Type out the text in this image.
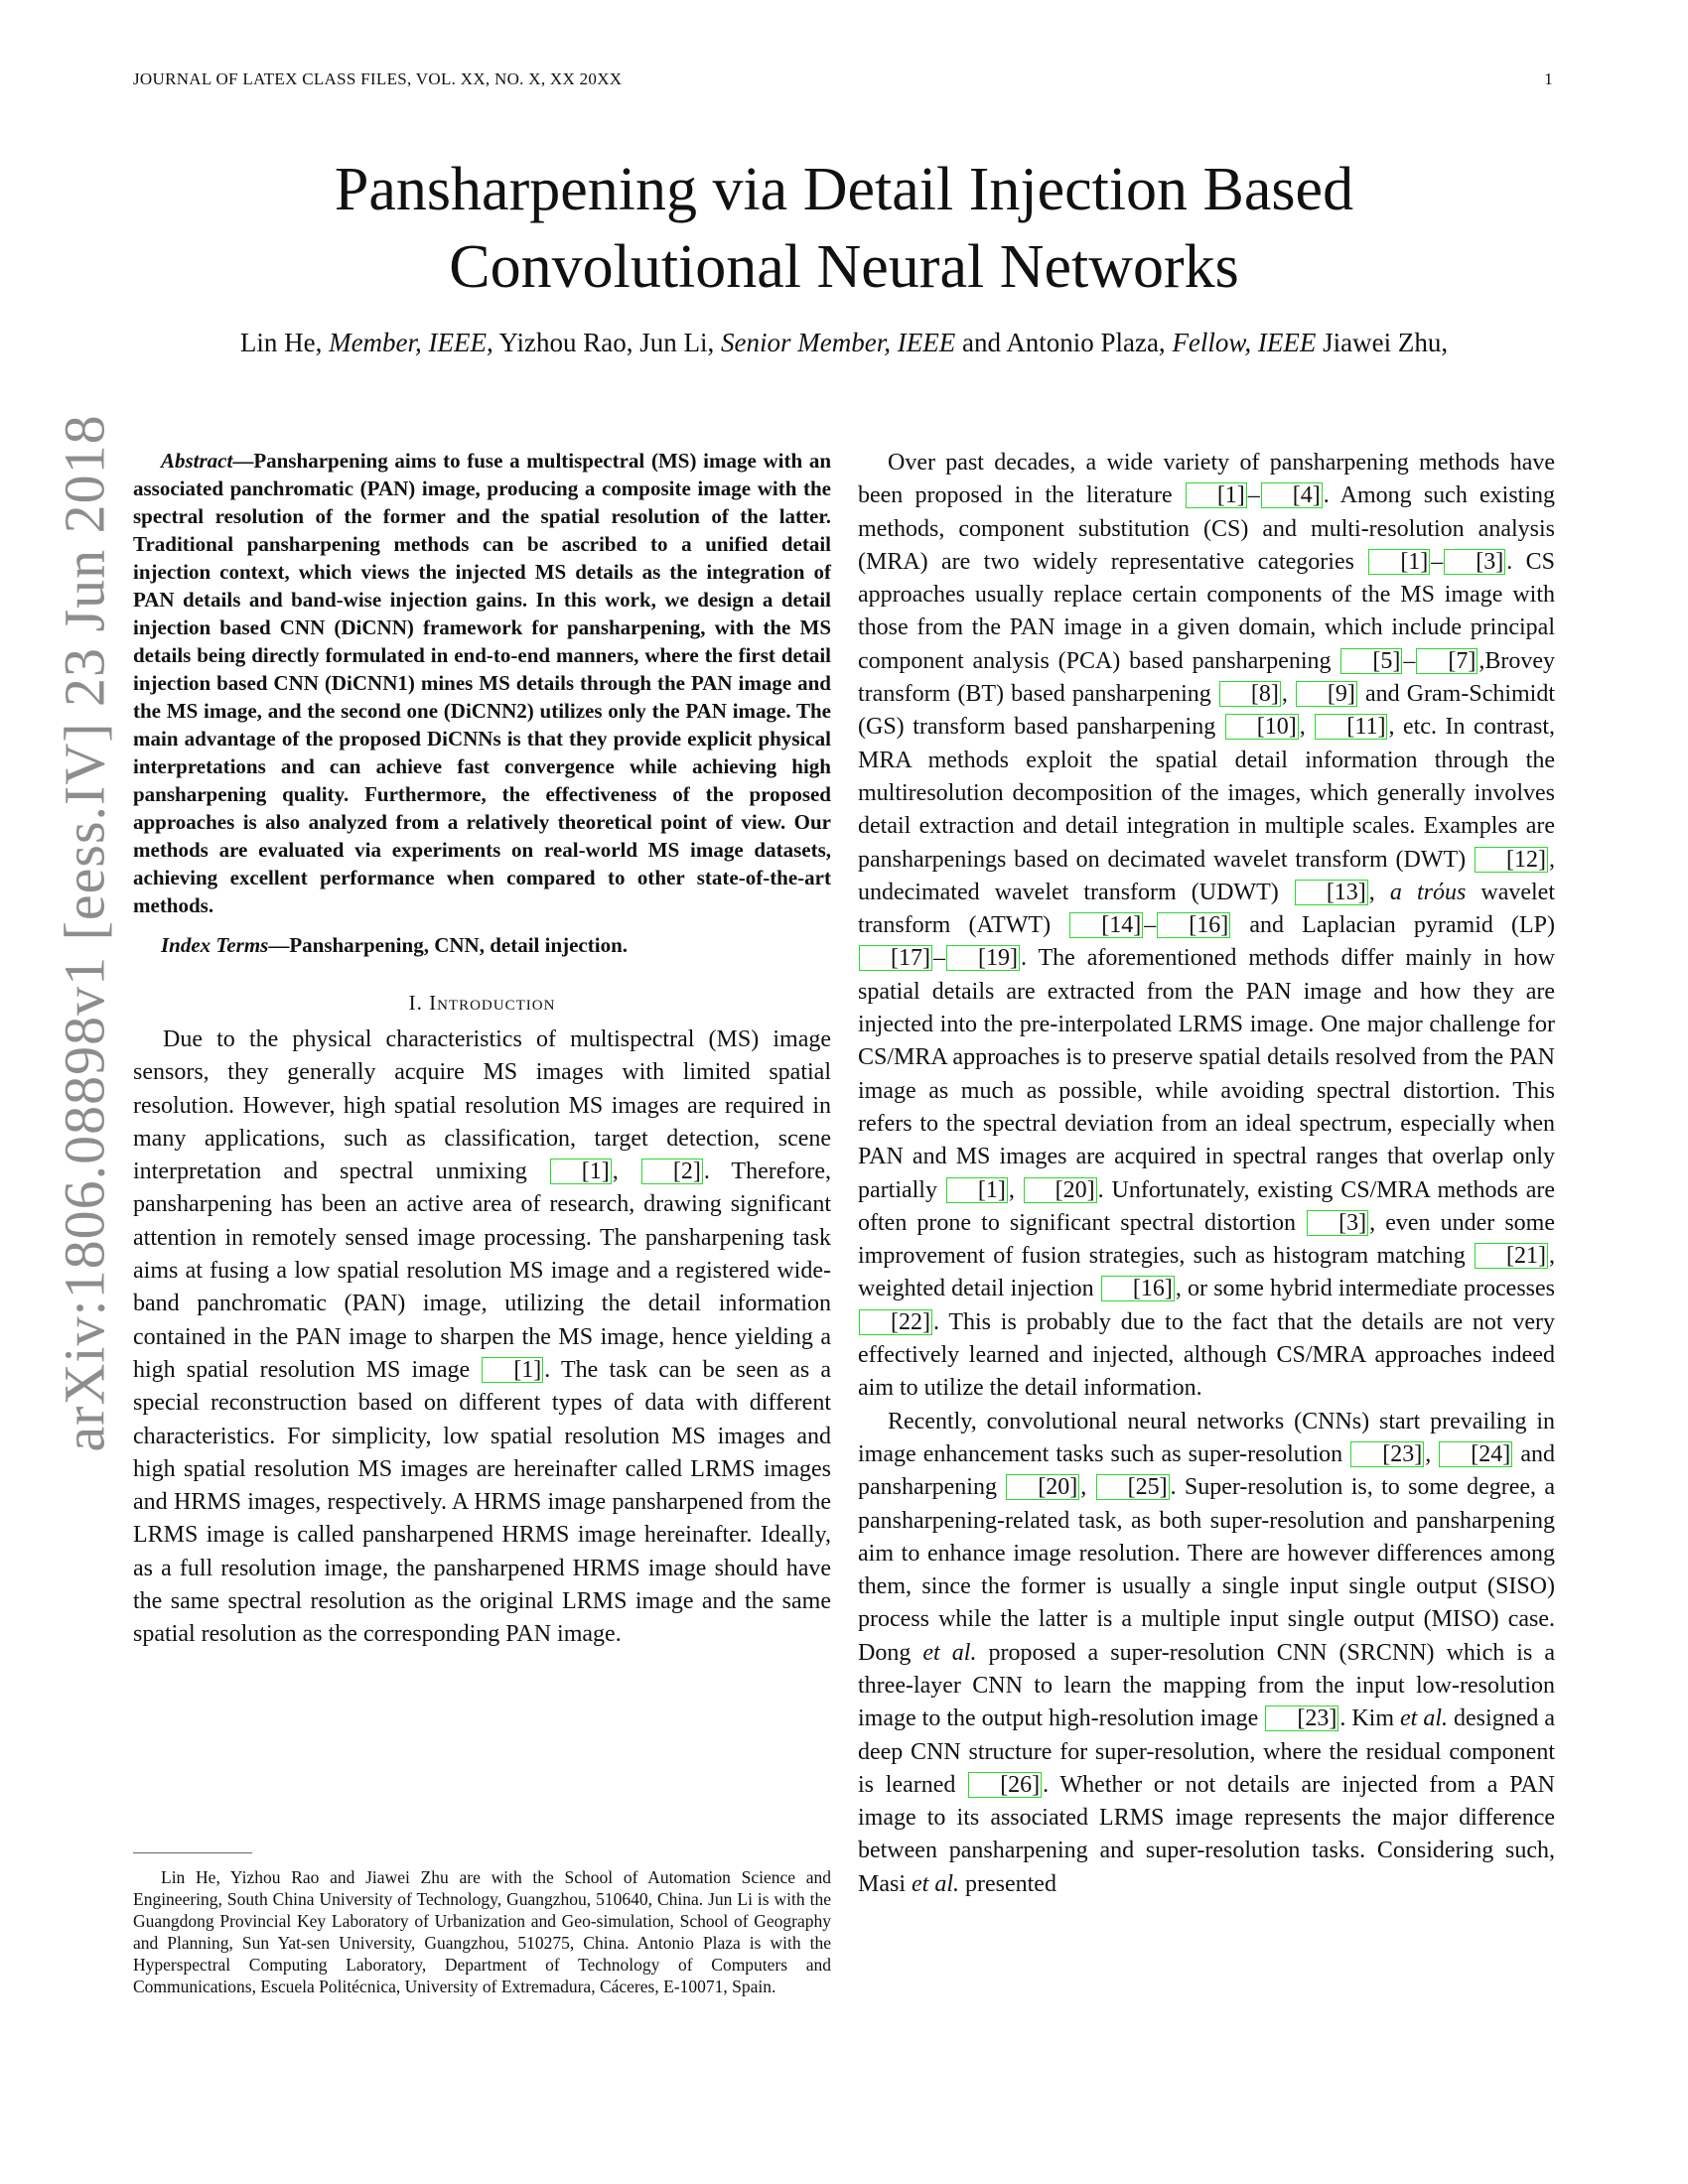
JOURNAL OF LATEX CLASS FILES, VOL. XX, NO. X, XX 20XX	1
arXiv:1806.08898v1 [eess.IV] 23 Jun 2018
Pansharpening via Detail Injection Based Convolutional Neural Networks
Lin He, Member, IEEE, Yizhou Rao, Jun Li, Senior Member, IEEE and Antonio Plaza, Fellow, IEEE Jiawei Zhu,

Abstract—Pansharpening aims to fuse a multispectral (MS) image with an associated panchromatic (PAN) image, producing a composite image with the spectral resolution of the former and the spatial resolution of the latter. Traditional pansharpening methods can be ascribed to a unified detail injection context, which views the injected MS details as the integration of PAN details and band-wise injection gains. In this work, we design a detail injection based CNN (DiCNN) framework for pansharpening, with the MS details being directly formulated in end-to-end manners, where the first detail injection based CNN (DiCNN1) mines MS details through the PAN image and the MS image, and the second one (DiCNN2) utilizes only the PAN image. The main advantage of the proposed DiCNNs is that they provide explicit physical interpretations and can achieve fast convergence while achieving high pansharpening quality. Furthermore, the effectiveness of the proposed approaches is also analyzed from a relatively theoretical point of view. Our methods are evaluated via experiments on real-world MS image datasets, achieving excellent performance when compared to other state-of-the-art methods.

Index Terms—Pansharpening, CNN, detail injection.

I. Introduction

Due to the physical characteristics of multispectral (MS) image sensors, they generally acquire MS images with limited spatial resolution. However, high spatial resolution MS images are required in many applications, such as classification, target detection, scene interpretation and spectral unmixing [1] , [2] . Therefore, pansharpening has been an active area of research, drawing significant attention in remotely sensed image processing. The pansharpening task aims at fusing a low spatial resolution MS image and a registered wide-band panchromatic (PAN) image, utilizing the detail information contained in the PAN image to sharpen the MS image, hence yielding a high spatial resolution MS image [1] . The task can be seen as a special reconstruction based on different types of data with different characteristics. For simplicity, low spatial resolution MS images and high spatial resolution MS images are hereinafter called LRMS images and HRMS images, respectively. A HRMS image pansharpened from the LRMS image is called pansharpened HRMS image hereinafter. Ideally, as a full resolution image, the pansharpened HRMS image should have the same spectral resolution as the original LRMS image and the same spatial resolution as the corresponding PAN image.

Lin He, Yizhou Rao and Jiawei Zhu are with the School of Automation Science and Engineering, South China University of Technology, Guangzhou, 510640, China. Jun Li is with the Guangdong Provincial Key Laboratory of Urbanization and Geo-simulation, School of Geography and Planning, Sun Yat-sen University, Guangzhou, 510275, China. Antonio Plaza is with the Hyperspectral Computing Laboratory, Department of Technology of Computers and Communications, Escuela Politécnica, University of Extremadura, Cáceres, E-10071, Spain.

Over past decades, a wide variety of pansharpening methods have been proposed in the literature [1] – [4] . Among such existing methods, component substitution (CS) and multi-resolution analysis (MRA) are two widely representative categories [1] – [3] . CS approaches usually replace certain components of the MS image with those from the PAN image in a given domain, which include principal component analysis (PCA) based pansharpening [5] – [7] ,Brovey transform (BT) based pansharpening [8] , [9] and Gram-Schimidt (GS) transform based pansharpening [10] , [11] , etc. In contrast, MRA methods exploit the spatial detail information through the multiresolution decomposition of the images, which generally involves detail extraction and detail integration in multiple scales. Examples are pansharpenings based on decimated wavelet transform (DWT) [12] , undecimated wavelet transform (UDWT) [13] , a trόus wavelet transform (ATWT) [14] – [16] and Laplacian pyramid (LP) [17] – [19] . The aforementioned methods differ mainly in how spatial details are extracted from the PAN image and how they are injected into the pre-interpolated LRMS image. One major challenge for CS/MRA approaches is to preserve spatial details resolved from the PAN image as much as possible, while avoiding spectral distortion. This refers to the spectral deviation from an ideal spectrum, especially when PAN and MS images are acquired in spectral ranges that overlap only partially [1] , [20] . Unfortunately, existing CS/MRA methods are often prone to significant spectral distortion [3] , even under some improvement of fusion strategies, such as histogram matching [21] , weighted detail injection [16] , or some hybrid intermediate processes [22] . This is probably due to the fact that the details are not very effectively learned and injected, although CS/MRA approaches indeed aim to utilize the detail information.

Recently, convolutional neural networks (CNNs) start prevailing in image enhancement tasks such as super-resolution [23] , [24] and pansharpening [20] , [25] . Super-resolution is, to some degree, a pansharpening-related task, as both super-resolution and pansharpening aim to enhance image resolution. There are however differences among them, since the former is usually a single input single output (SISO) process while the latter is a multiple input single output (MISO) case. Dong et al. proposed a super-resolution CNN (SRCNN) which is a three-layer CNN to learn the mapping from the input low-resolution image to the output high-resolution image [23] . Kim et al. designed a deep CNN structure for super-resolution, where the residual component is learned [26] . Whether or not details are injected from a PAN image to its associated LRMS image represents the major difference between pansharpening and super-resolution tasks. Considering such, Masi et al. presented
